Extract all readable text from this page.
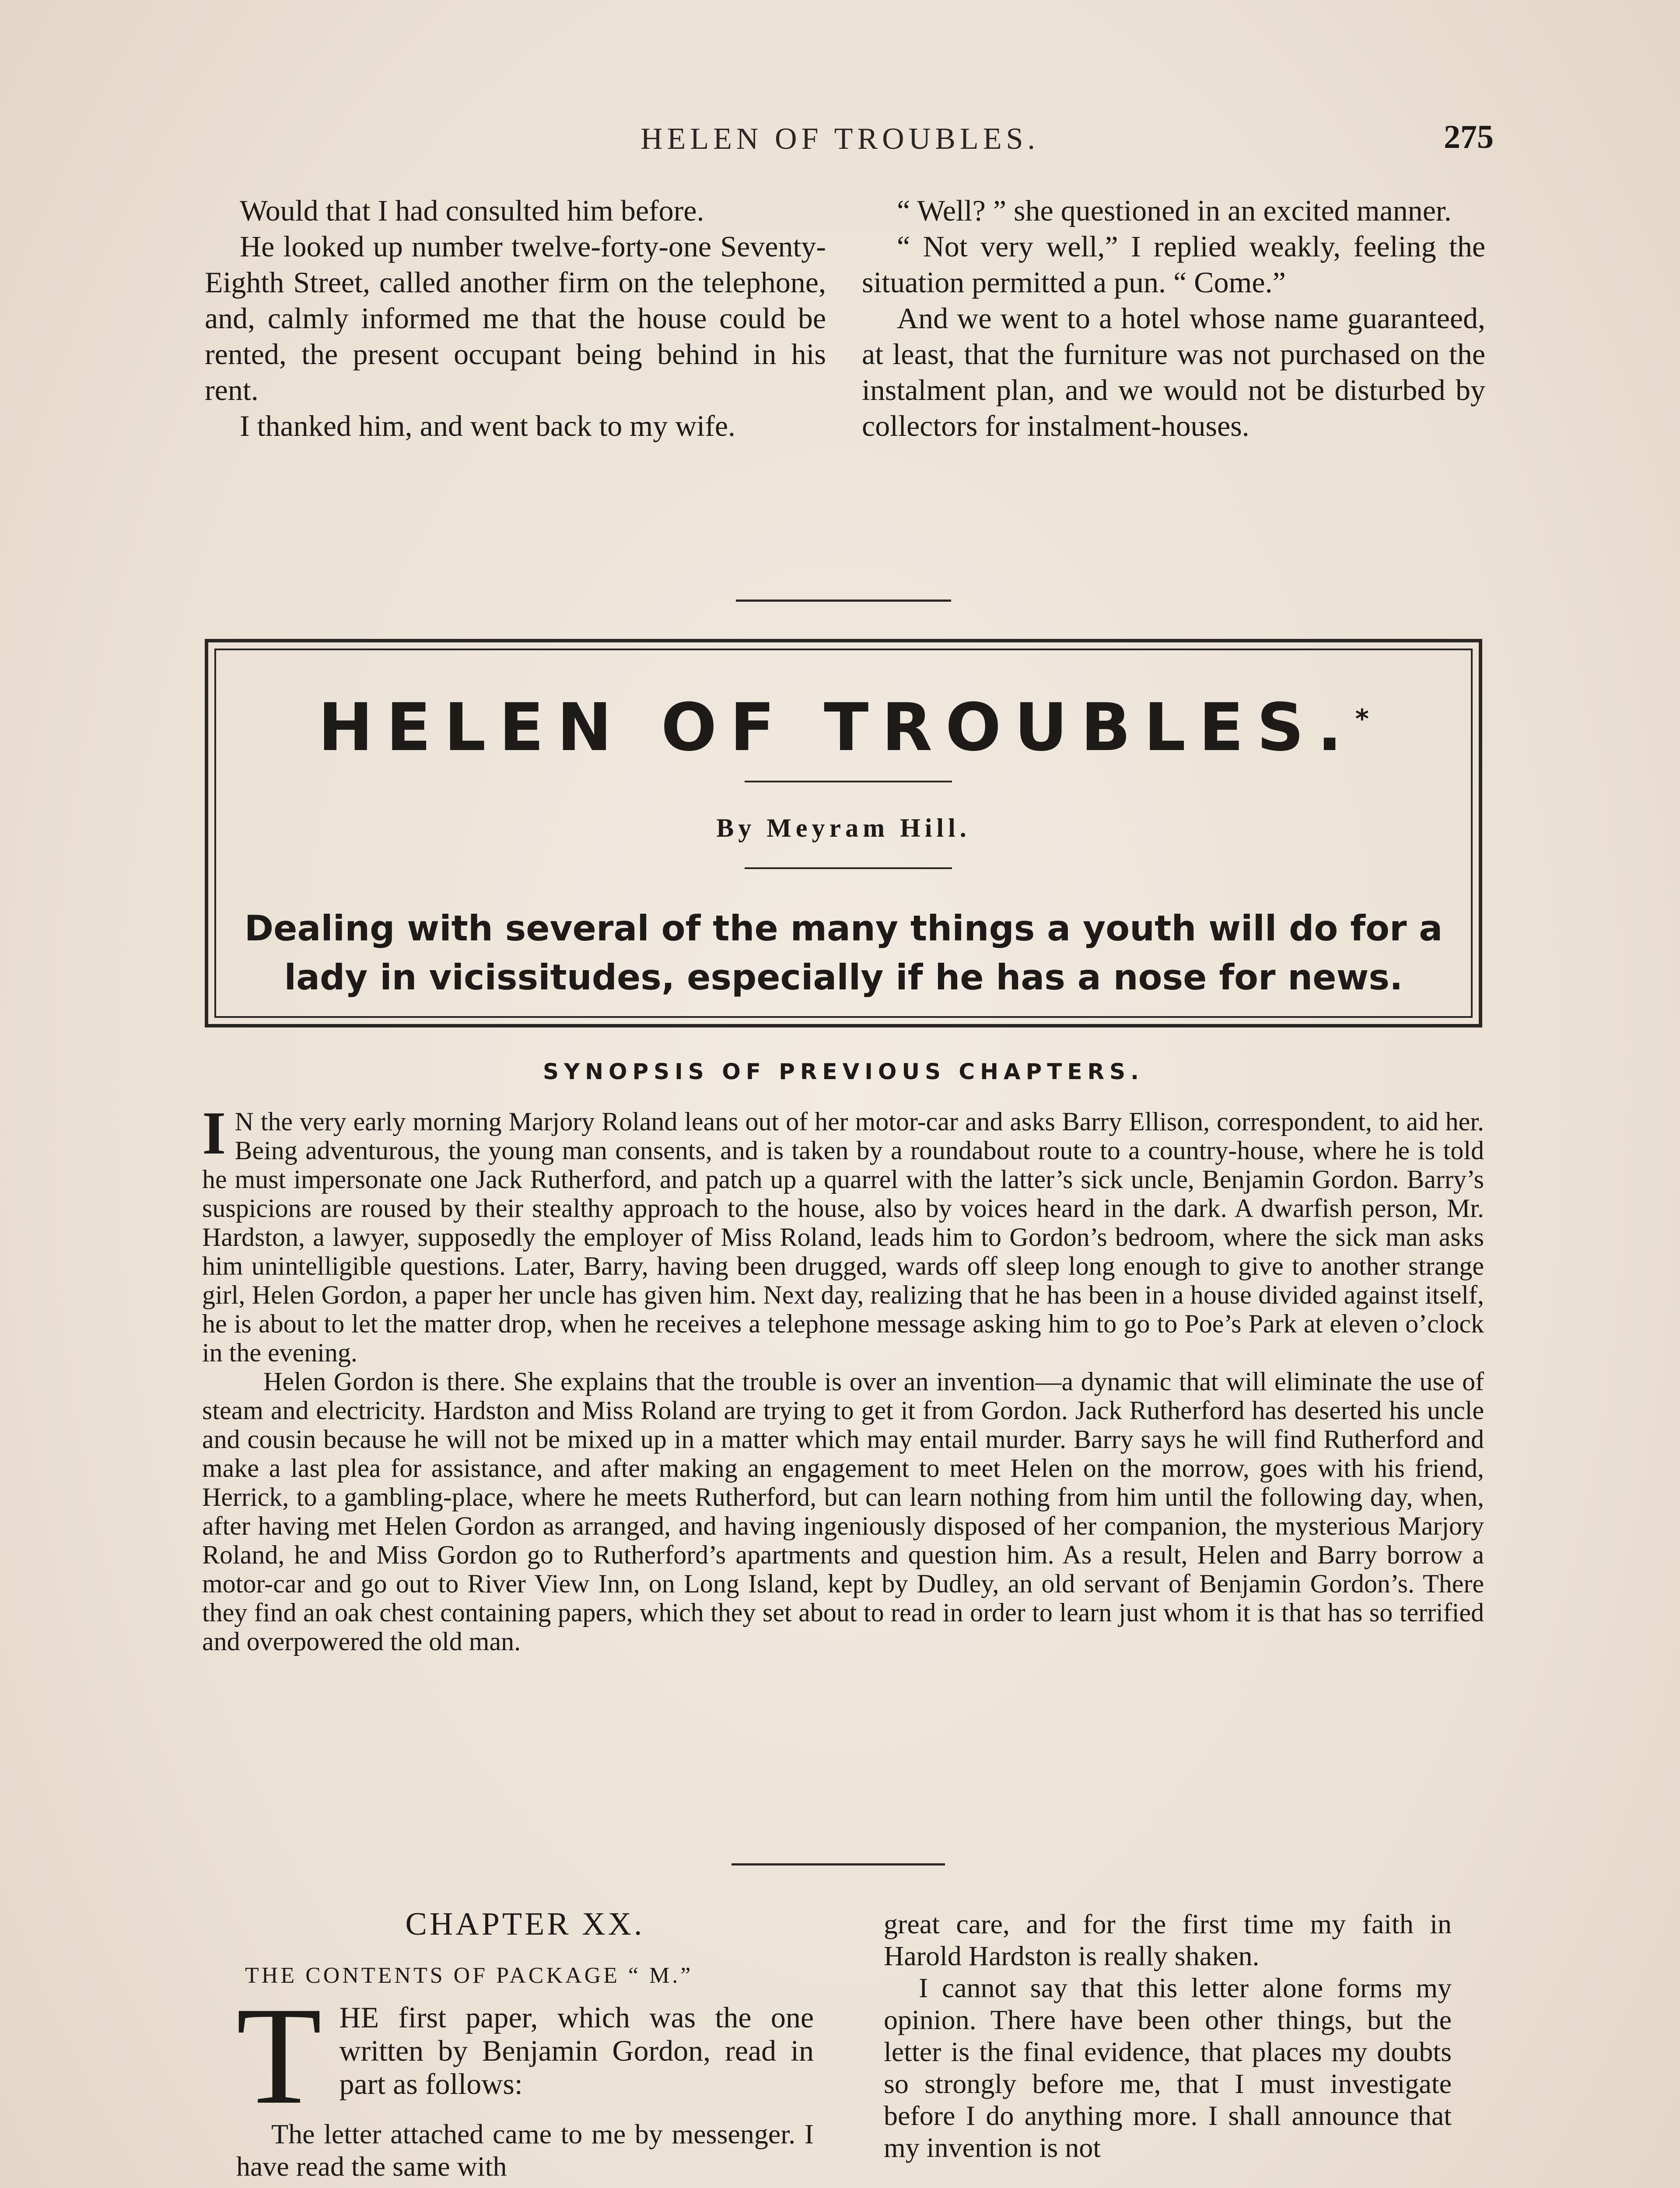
HELEN OF TROUBLES.	275

Would that I had consulted him before.

He looked up number twelve-forty-one Seventy-Eighth Street, called another firm on the telephone, and, calmly informed me that the house could be rented, the present occupant being behind in his rent.

I thanked him, and went back to my wife.

“ Well? ” she questioned in an excited manner.

“ Not very well,” I replied weakly, feeling the situation permitted a pun. “ Come.”

And we went to a hotel whose name guaranteed, at least, that the furniture was not purchased on the instalment plan, and we would not be disturbed by collectors for instalment-houses.

HELEN OF TROUBLES.*
By Meyram Hill.
Dealing with several of the many things a youth will do for a lady in vicissitudes, especially if he has a nose for news.
SYNOPSIS OF PREVIOUS CHAPTERS.

I N the very early morning Marjory Roland leans out of her motor-car and asks Barry Ellison, correspondent, to aid her. Being adventurous, the young man consents, and is taken by a roundabout route to a country-house, where he is told he must impersonate one Jack Rutherford, and patch up a quarrel with the latter’s sick uncle, Benjamin Gordon. Barry’s suspicions are roused by their stealthy approach to the house, also by voices heard in the dark. A dwarfish person, Mr. Hardston, a lawyer, supposedly the employer of Miss Roland, leads him to Gordon’s bedroom, where the sick man asks him unintelligible questions. Later, Barry, having been drugged, wards off sleep long enough to give to another strange girl, Helen Gordon, a paper her uncle has given him. Next day, realizing that he has been in a house divided against itself, he is about to let the matter drop, when he receives a telephone message asking him to go to Poe’s Park at eleven o’clock in the evening.

Helen Gordon is there. She explains that the trouble is over an invention—a dynamic that will eliminate the use of steam and electricity. Hardston and Miss Roland are trying to get it from Gordon. Jack Rutherford has deserted his uncle and cousin because he will not be mixed up in a matter which may entail murder. Barry says he will find Rutherford and make a last plea for assistance, and after making an engagement to meet Helen on the morrow, goes with his friend, Herrick, to a gambling-place, where he meets Rutherford, but can learn nothing from him until the following day, when, after having met Helen Gordon as arranged, and having ingeniously disposed of her companion, the mysterious Marjory Roland, he and Miss Gordon go to Rutherford’s apartments and question him. As a result, Helen and Barry borrow a motor-car and go out to River View Inn, on Long Island, kept by Dudley, an old servant of Benjamin Gordon’s. There they find an oak chest containing papers, which they set about to read in order to learn just whom it is that has so terrified and overpowered the old man.

CHAPTER XX.

THE CONTENTS OF PACKAGE “ M.”

THE first paper, which was the one written by Benjamin Gordon, read in part as follows:

The letter attached came to me by messenger. I have read the same with

great care, and for the first time my faith in Harold Hardston is really shaken.

I cannot say that this letter alone forms my opinion. There have been other things, but the letter is the final evidence, that places my doubts so strongly before me, that I must investigate before I do anything more. I shall announce that my invention is not
